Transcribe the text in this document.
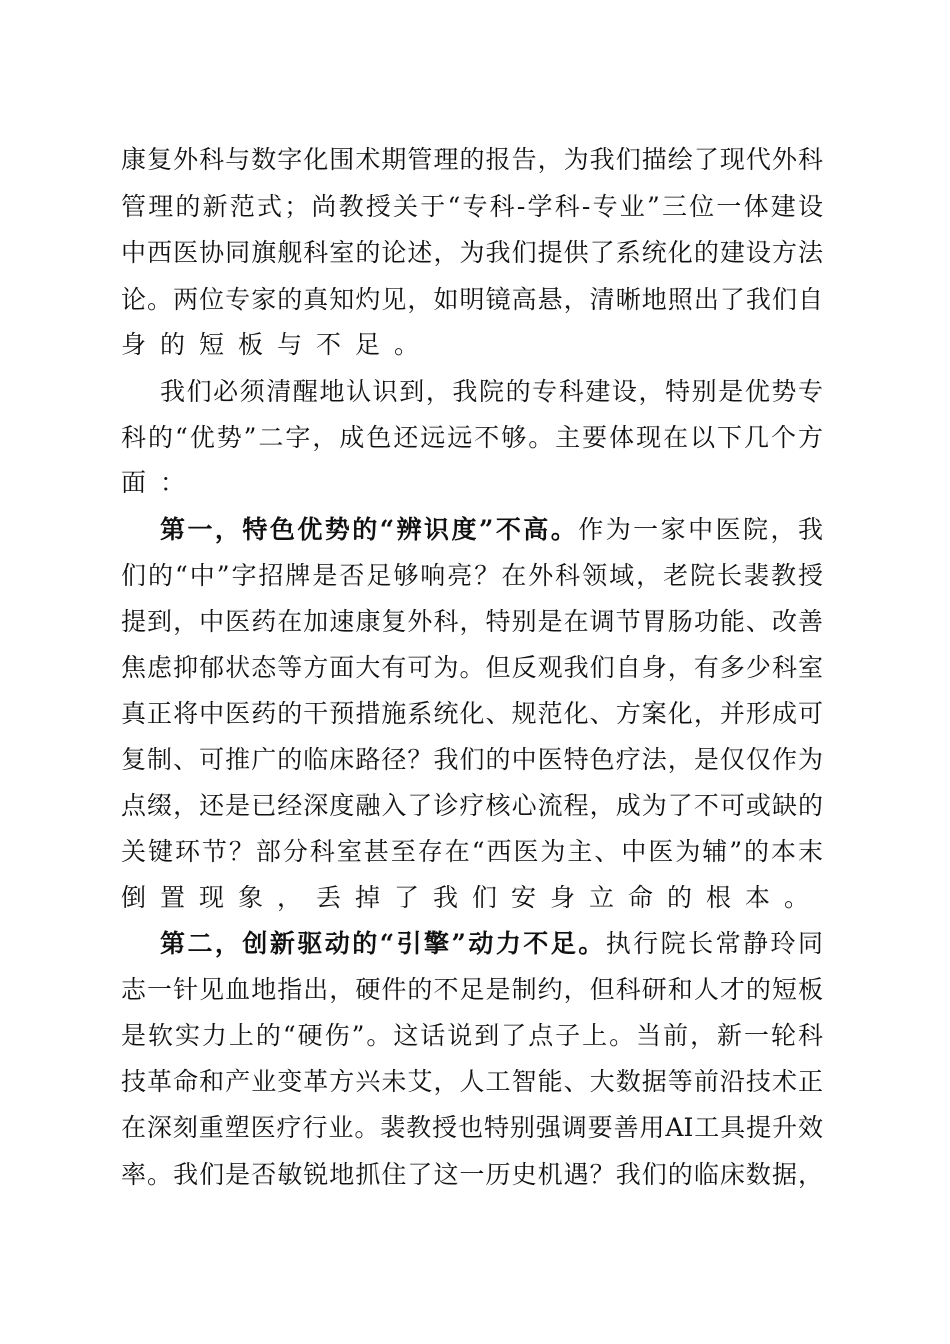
康复外科与数字化围术期管理的报告，为我们描绘了现代外科
管理的新范式；尚教授关于“专科-学科-专业”三位一体建设
中西医协同旗舰科室的论述，为我们提供了系统化的建设方法
论。两位专家的真知灼见，如明镜高悬，清晰地照出了我们自
身的短板与不足。
我们必须清醒地认识到，我院的专科建设，特别是优势专
科的“优势”二字，成色还远远不够。主要体现在以下几个方
面：
第一，特色优势的“辨识度”不高。作为一家中医院，我
们的“中”字招牌是否足够响亮？在外科领域，老院长裴教授
提到，中医药在加速康复外科，特别是在调节胃肠功能、改善
焦虑抑郁状态等方面大有可为。但反观我们自身，有多少科室
真正将中医药的干预措施系统化、规范化、方案化，并形成可
复制、可推广的临床路径？我们的中医特色疗法，是仅仅作为
点缀，还是已经深度融入了诊疗核心流程，成为了不可或缺的
关键环节？部分科室甚至存在“西医为主、中医为辅”的本末
倒置现象，丢掉了我们安身立命的根本。
第二，创新驱动的“引擎”动力不足。执行院长常静玲同
志一针见血地指出，硬件的不足是制约，但科研和人才的短板
是软实力上的“硬伤”。这话说到了点子上。当前，新一轮科
技革命和产业变革方兴未艾，人工智能、大数据等前沿技术正
在深刻重塑医疗行业。裴教授也特别强调要善用AI工具提升效
率。我们是否敏锐地抓住了这一历史机遇？我们的临床数据，
